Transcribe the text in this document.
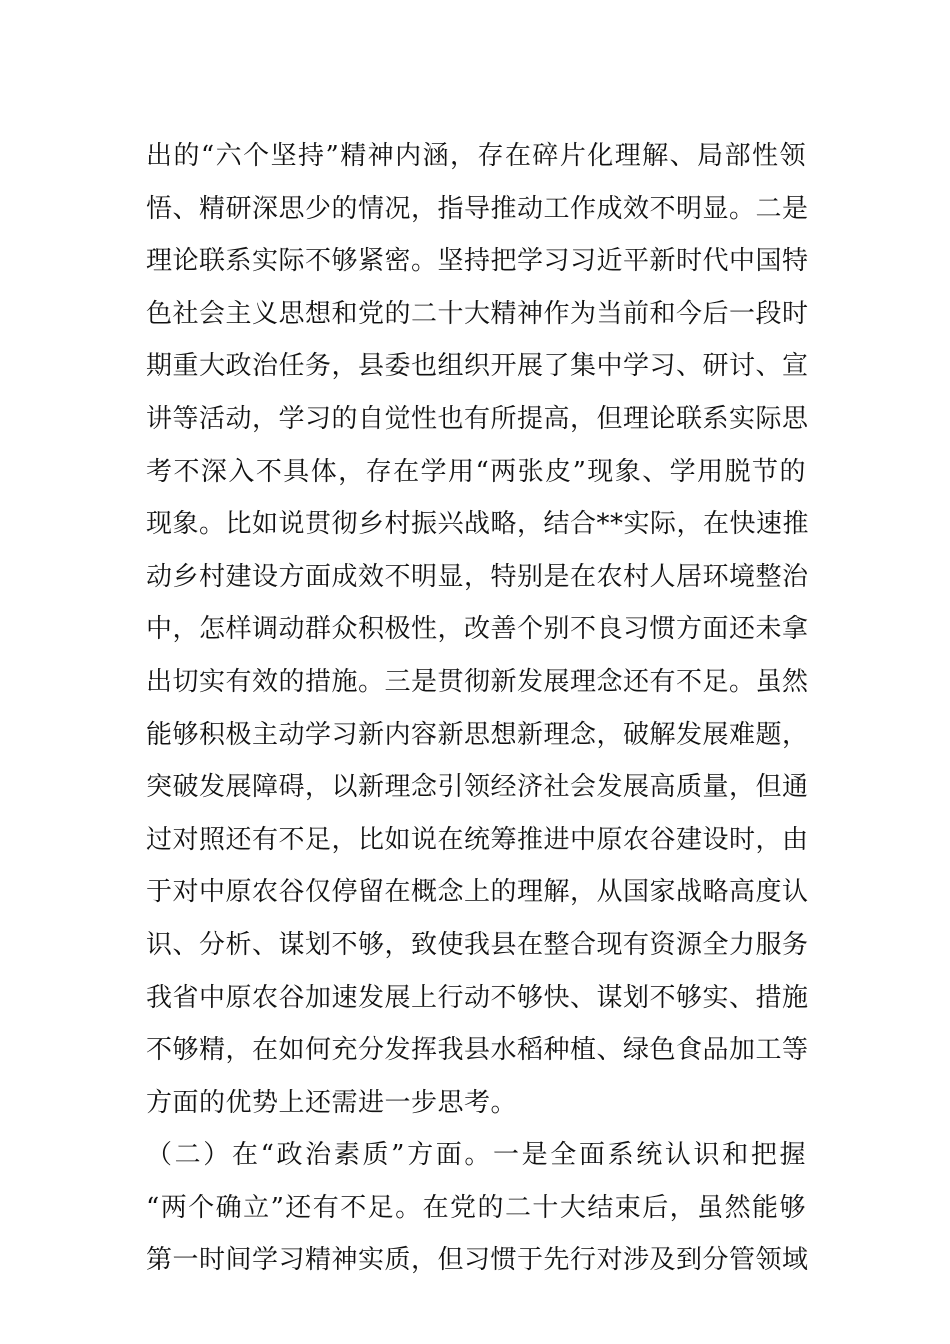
出的“六个坚持”精神内涵，存在碎片化理解、局部性领
悟、精研深思少的情况，指导推动工作成效不明显。二是
理论联系实际不够紧密。坚持把学习习近平新时代中国特
色社会主义思想和党的二十大精神作为当前和今后一段时
期重大政治任务，县委也组织开展了集中学习、研讨、宣
讲等活动，学习的自觉性也有所提高，但理论联系实际思
考不深入不具体，存在学用“两张皮”现象、学用脱节的
现象。比如说贯彻乡村振兴战略，结合**实际，在快速推
动乡村建设方面成效不明显，特别是在农村人居环境整治
中，怎样调动群众积极性，改善个别不良习惯方面还未拿
出切实有效的措施。三是贯彻新发展理念还有不足。虽然
能够积极主动学习新内容新思想新理念，破解发展难题，
突破发展障碍，以新理念引领经济社会发展高质量，但通
过对照还有不足，比如说在统筹推进中原农谷建设时，由
于对中原农谷仅停留在概念上的理解，从国家战略高度认
识、分析、谋划不够，致使我县在整合现有资源全力服务
我省中原农谷加速发展上行动不够快、谋划不够实、措施
不够精，在如何充分发挥我县水稻种植、绿色食品加工等
方面的优势上还需进一步思考。
（二）在“政治素质”方面。一是全面系统认识和把握
“两个确立”还有不足。在党的二十大结束后，虽然能够
第一时间学习精神实质，但习惯于先行对涉及到分管领域
